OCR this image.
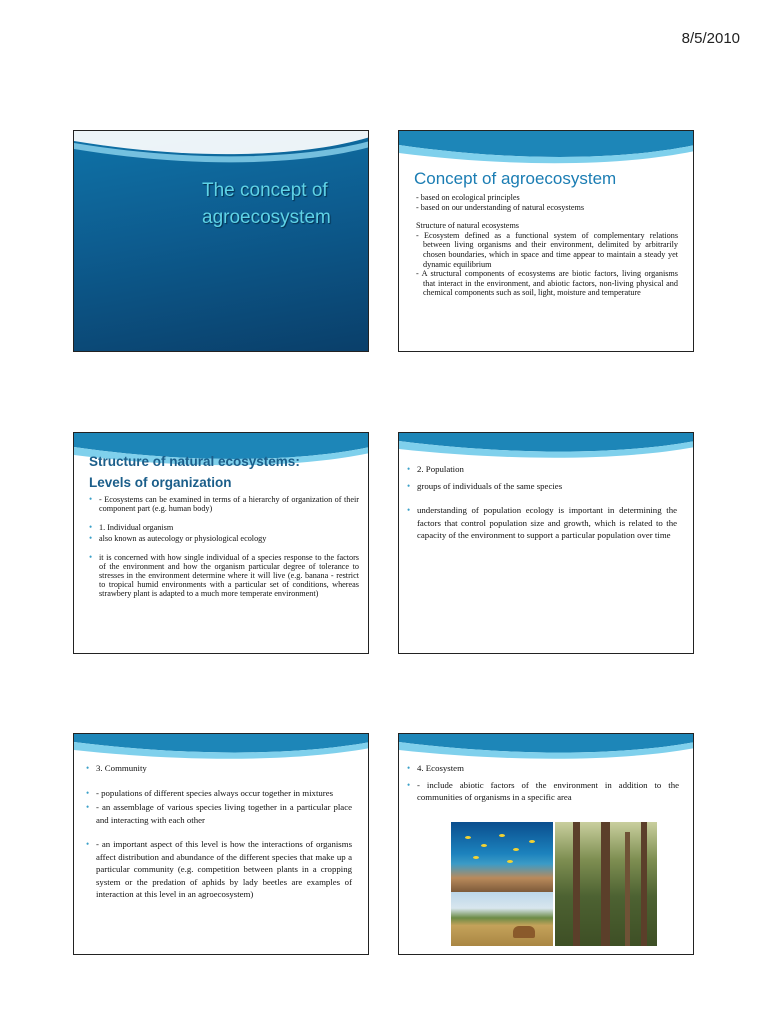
8/5/2010
The concept of
agroecosystem
Concept of agroecosystem

- based on ecological principles

- based on our understanding of natural ecosystems

Structure of natural ecosystems

- Ecosystem defined as a functional system of complementary relations between living organisms and their environment, delimited by arbitrarily chosen boundaries, which in space and time appear to maintain a steady yet dynamic equilibrium

- A structural components of ecosystems are biotic factors, living organisms that interact in the environment, and abiotic factors, non-living physical and chemical components such as soil, light, moisture and temperature

Structure of natural ecosystems:
Levels of organization
• - Ecosystems can be examined in terms of a hierarchy of organization of their component part (e.g. human body)
• 1. Individual organism
• also known as autecology or physiological ecology
• it is concerned with how single individual of a species response to the factors of the environment and how the organism particular degree of tolerance to stresses in the environment determine where it will live (e.g. banana - restrict to tropical humid environments with a particular set of conditions, whereas strawbery plant is adapted to a much more temperate environment)
• 2. Population
• groups of individuals of the same species
• understanding of population ecology is important in determining the factors that control population size and growth, which is related to the capacity of the environment to support a particular population over time
• 3. Community
• - populations of different species always occur together in mixtures
• - an assemblage of various species living together in a particular place and interacting with each other
• - an important aspect of this level is how the interactions of organisms affect distribution and abundance of the different species that make up a particular community (e.g. competition between plants in a cropping system or the predation of aphids by lady beetles are examples of interaction at this level in an agroecosystem)
• 4. Ecosystem
• - include abiotic factors of the environment in addition to the communities of organisms in a specific area
